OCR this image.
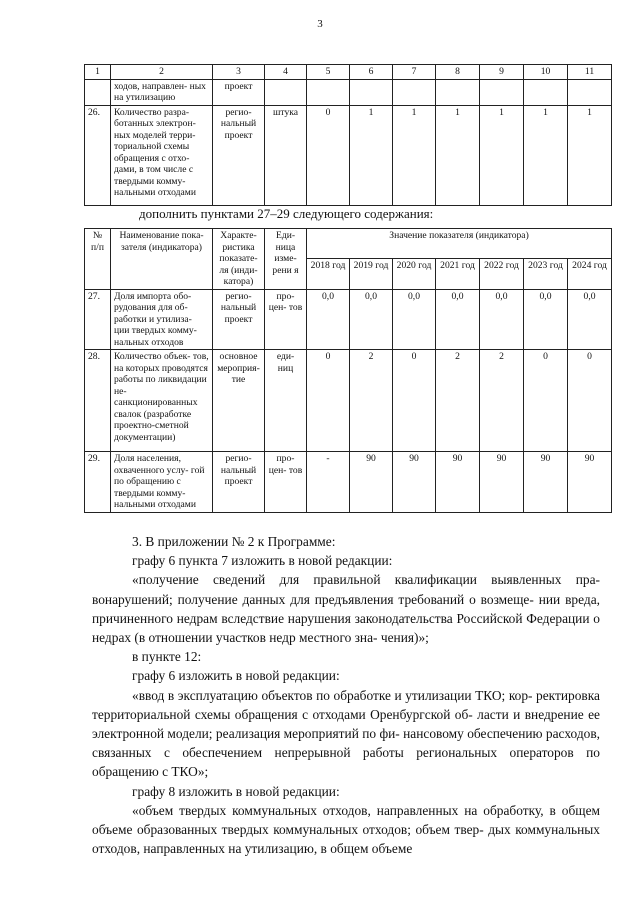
3
1	2	3	4	5	6	7	8	9	10	11
	ходов, направлен- ных на утилизацию	проект								
26.	Количество разра- ботанных электрон- ных моделей терри- ториальной схемы обращения с отхо- дами, в том числе с твердыми комму- нальными отходами	регио- нальный проект	штука	0	1	1	1	1	1	1
дополнить пунктами 27–29 следующего содержания:
№ п/п	Наименование пока- зателя (индикатора)	Характе- ристика показате- ля (инди- катора)	Еди- ница изме- рени я	Значение показателя (индикатора)						
				2018 год	2019 год	2020 год	2021 год	2022 год	2023 год	2024 год
27.	Доля импорта обо- рудования для об- работки и утилиза- ции твердых комму- нальных отходов	регио- нальный проект	про- цен- тов	0,0	0,0	0,0	0,0	0,0	0,0	0,0
28.	Количество объек- тов, на которых проводятся работы по ликвидации не- санкционированных свалок (разработке проектно-сметной документации)	основное мероприя- тие	еди- ниц	0	2	0	2	2	0	0
29.	Доля населения, охваченного услу- гой по обращению с твердыми комму- нальными отходами	регио- нальный проект	про- цен- тов	-	90	90	90	90	90	90

3. В приложении № 2 к Программе:

графу 6 пункта 7 изложить в новой редакции:

«получение сведений для правильной квалификации выявленных пра- вонарушений; получение данных для предъявления требований о возмеще- нии вреда, причиненного недрам вследствие нарушения законодательства Российской Федерации о недрах (в отношении участков недр местного зна- чения)»;

в пункте 12:

графу 6 изложить в новой редакции:

«ввод в эксплуатацию объектов по обработке и утилизации ТКО; кор- ректировка территориальной схемы обращения с отходами Оренбургской об- ласти и внедрение ее электронной модели; реализация мероприятий по фи- нансовому обеспечению расходов, связанных с обеспечением непрерывной работы региональных операторов по обращению с ТКО»;

графу 8 изложить в новой редакции:

«объем твердых коммунальных отходов, направленных на обработку, в общем объеме образованных твердых коммунальных отходов; объем твер- дых коммунальных отходов, направленных на утилизацию, в общем объеме
